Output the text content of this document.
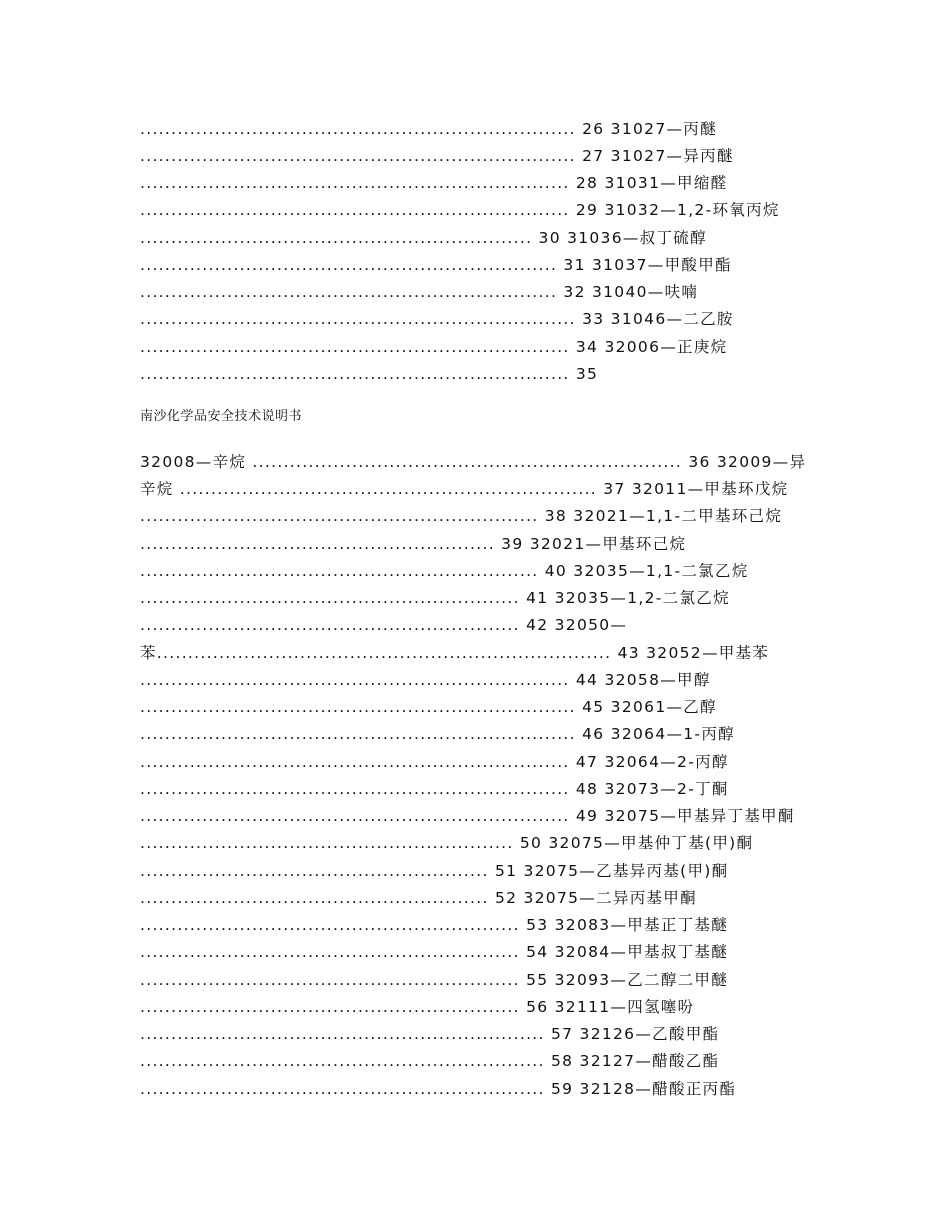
...................................................................... 26 31027—丙醚
...................................................................... 27 31027—异丙醚
..................................................................... 28 31031—甲缩醛
..................................................................... 29 31032—1,2-环氧丙烷
............................................................... 30 31036—叔丁硫醇
................................................................... 31 31037—甲酸甲酯
................................................................... 32 31040—呋喃
...................................................................... 33 31046—二乙胺
..................................................................... 34 32006—正庚烷
..................................................................... 35
南沙化学品安全技术说明书
32008—辛烷 ..................................................................... 36 32009—异
辛烷 ................................................................... 37 32011—甲基环戊烷
................................................................ 38 32021—1,1-二甲基环己烷
......................................................... 39 32021—甲基环己烷
................................................................ 40 32035—1,1-二氯乙烷
............................................................. 41 32035—1,2-二氯乙烷
............................................................. 42 32050—
苯......................................................................... 43 32052—甲基苯
..................................................................... 44 32058—甲醇
...................................................................... 45 32061—乙醇
...................................................................... 46 32064—1-丙醇
..................................................................... 47 32064—2-丙醇
..................................................................... 48 32073—2-丁酮
..................................................................... 49 32075—甲基异丁基甲酮
............................................................ 50 32075—甲基仲丁基(甲)酮
........................................................ 51 32075—乙基异丙基(甲)酮
........................................................ 52 32075—二异丙基甲酮
............................................................. 53 32083—甲基正丁基醚
............................................................. 54 32084—甲基叔丁基醚
............................................................. 55 32093—乙二醇二甲醚
............................................................. 56 32111—四氢噻吩
................................................................. 57 32126—乙酸甲酯
................................................................. 58 32127—醋酸乙酯
................................................................. 59 32128—醋酸正丙酯
